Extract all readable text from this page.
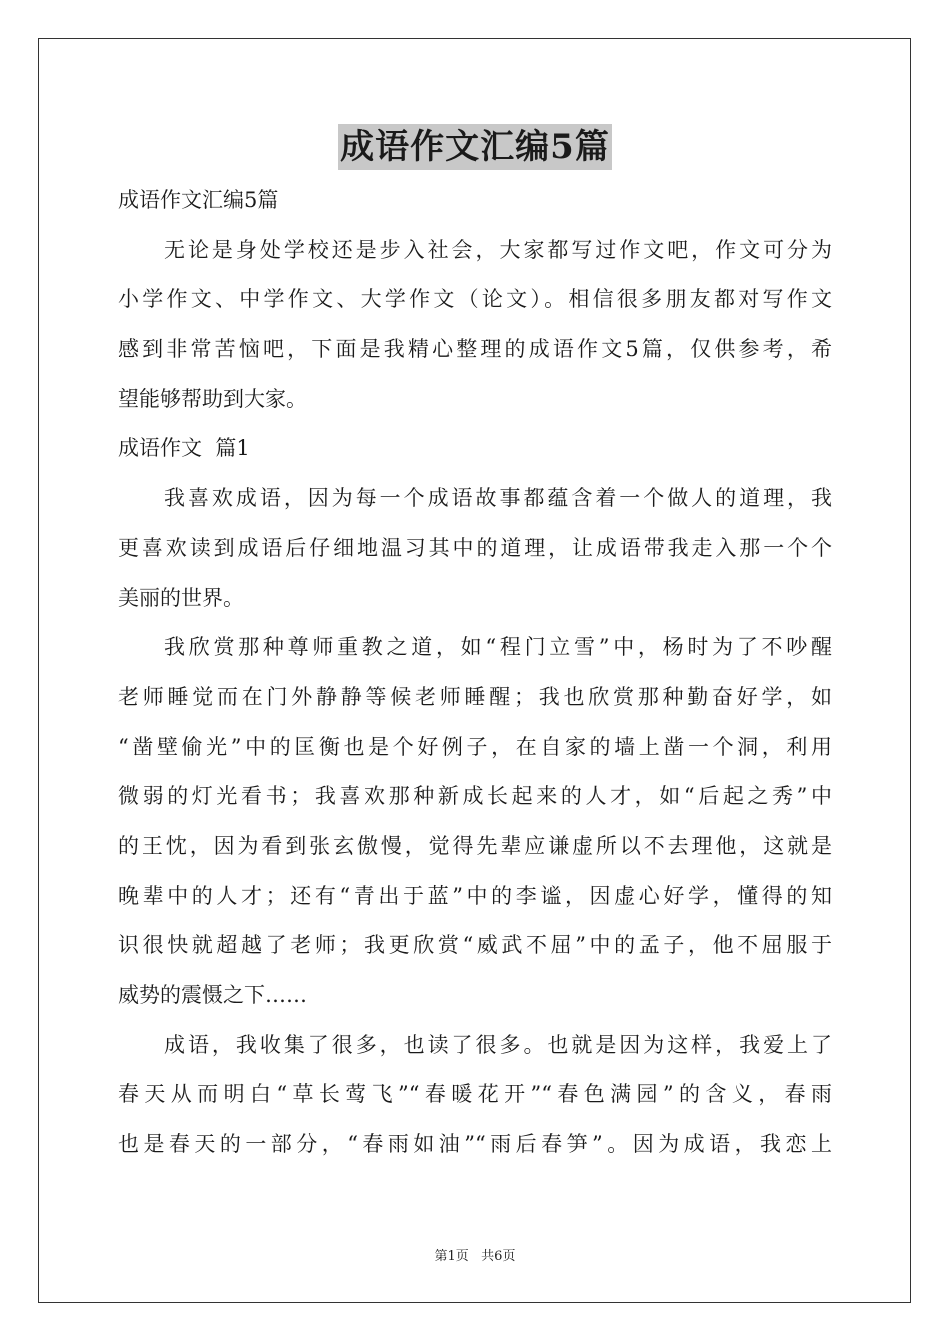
成语作文汇编5篇
成语作文汇编5篇
无论是身处学校还是步入社会，大家都写过作文吧，作文可分为
小学作文、中学作文、大学作文（论文）。相信很多朋友都对写作文
感到非常苦恼吧，下面是我精心整理的成语作文5篇，仅供参考，希
望能够帮助到大家。
成语作文  篇1
我喜欢成语，因为每一个成语故事都蕴含着一个做人的道理，我
更喜欢读到成语后仔细地温习其中的道理，让成语带我走入那一个个
美丽的世界。
我欣赏那种尊师重教之道，如“程门立雪”中，杨时为了不吵醒
老师睡觉而在门外静静等候老师睡醒；我也欣赏那种勤奋好学，如
“凿壁偷光”中的匡衡也是个好例子，在自家的墙上凿一个洞，利用
微弱的灯光看书；我喜欢那种新成长起来的人才，如“后起之秀”中
的王忱，因为看到张玄傲慢，觉得先辈应谦虚所以不去理他，这就是
晚辈中的人才；还有“青出于蓝”中的李谧，因虚心好学，懂得的知
识很快就超越了老师；我更欣赏“威武不屈”中的孟子，他不屈服于
威势的震慑之下……
成语，我收集了很多，也读了很多。也就是因为这样，我爱上了
春天从而明白“草长莺飞”“春暖花开”“春色满园”的含义，春雨
也是春天的一部分，“春雨如油”“雨后春笋”。因为成语，我恋上
第1页   共6页
